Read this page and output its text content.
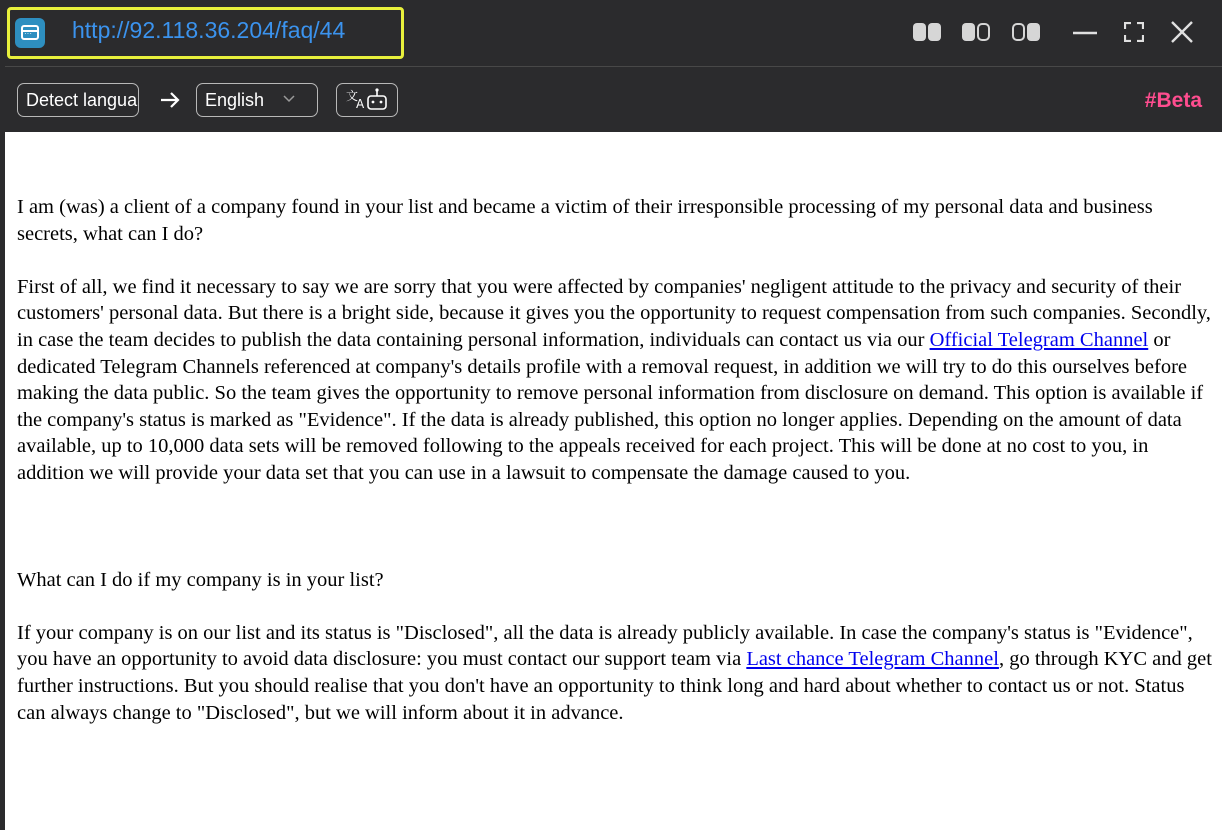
···
http://92.118.36.204/faq/44
Detect langua	English	文
A	#Beta

I am (was) a client of a company found in your list and became a victim of their irresponsible processing of my personal data and business secrets, what can I do?

First of all, we find it necessary to say we are sorry that you were affected by companies' negligent attitude to the privacy and security of their customers' personal data. But there is a bright side, because it gives you the opportunity to request compensation from such companies. Secondly, in case the team decides to publish the data containing personal information, individuals can contact us via our Official Telegram Channel or dedicated Telegram Channels referenced at company's details profile with a removal request, in addition we will try to do this ourselves before making the data public. So the team gives the opportunity to remove personal information from disclosure on demand. This option is available if the company's status is marked as "Evidence". If the data is already published, this option no longer applies. Depending on the amount of data available, up to 10,000 data sets will be removed following to the appeals received for each project. This will be done at no cost to you, in addition we will provide your data set that you can use in a lawsuit to compensate the damage caused to you.

What can I do if my company is in your list?

If your company is on our list and its status is "Disclosed", all the data is already publicly available. In case the company's status is "Evidence", you have an opportunity to avoid data disclosure: you must contact our support team via Last chance Telegram Channel, go through KYC and get further instructions. But you should realise that you don't have an opportunity to think long and hard about whether to contact us or not. Status can always change to "Disclosed", but we will inform about it in advance.
